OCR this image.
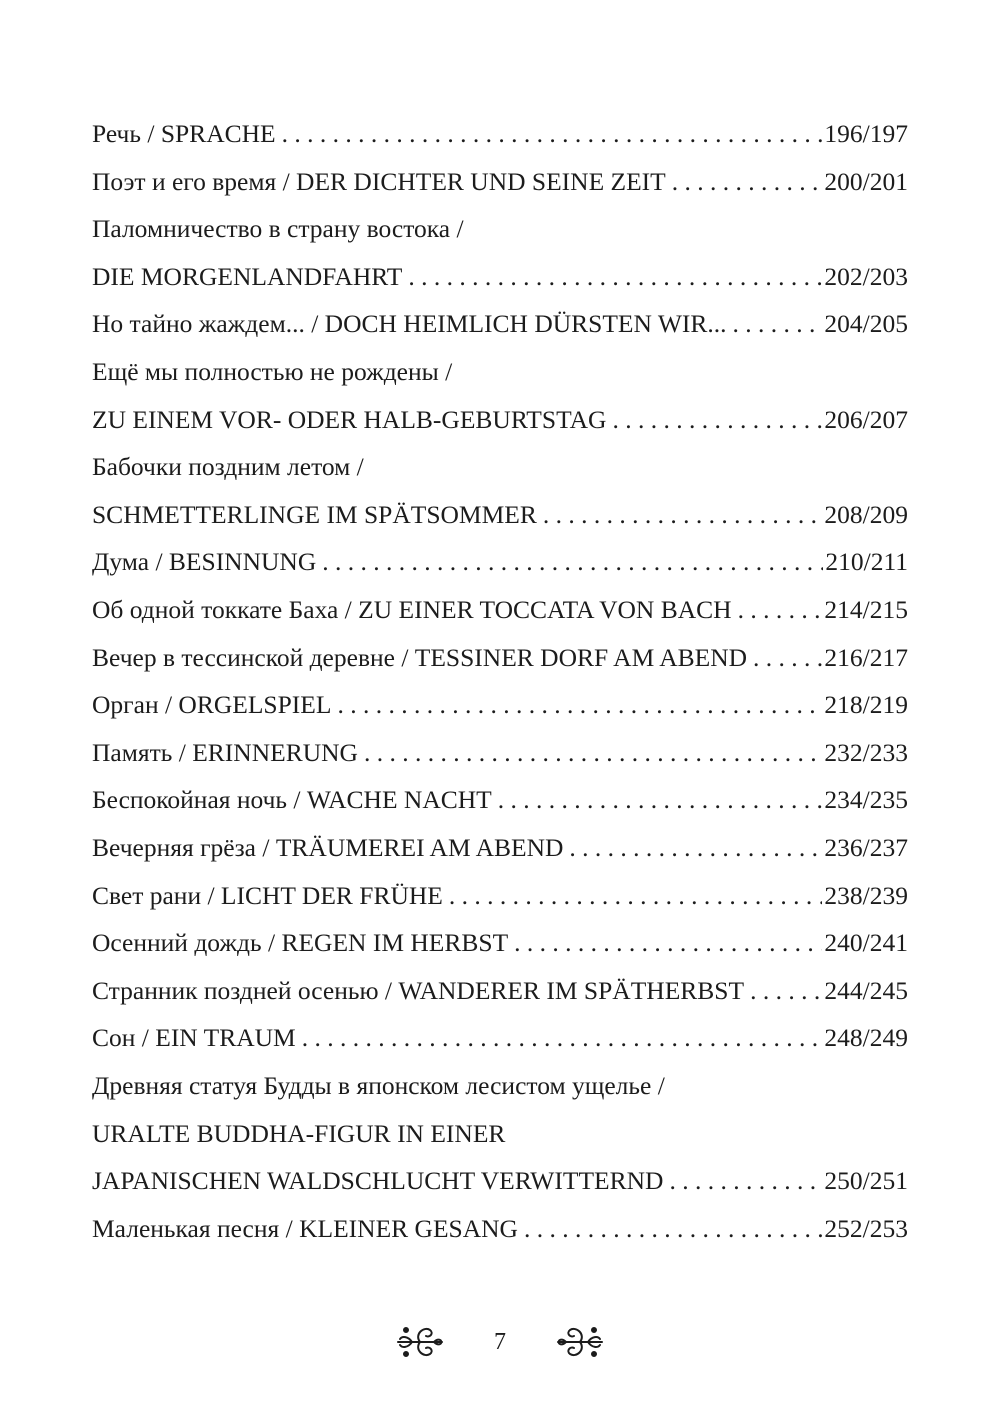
Речь / SPRACHE . . .	196/197
Поэт и его время / DER DICHTER UND SEINE ZEIT . . .	200/201
Паломничество в страну востока /
DIE MORGENLANDFAHRT . . .	202/203
Но тайно жаждем... / DOCH HEIMLICH DÜRSTEN WIR... . . .	204/205
Ещё мы полностью не рождены /
ZU EINEM VOR- ODER HALB-GEBURTSTAG . . .	206/207
Бабочки поздним летом /
SCHMETTERLINGE IM SPÄTSOMMER . . .	208/209
Дума / BESINNUNG . . .	210/211
Об одной токкате Баха / ZU EINER TOCCATA VON BACH . . .	214/215
Вечер в тессинской деревне / TESSINER DORF AM ABEND . . .	216/217
Орган / ORGELSPIEL . . .	218/219
Память / ERINNERUNG . . .	232/233
Беспокойная ночь / WACHE NACHT . . .	234/235
Вечерняя грёза / TRÄUMEREI AM ABEND . . .	236/237
Свет рани / LICHT DER FRÜHE . . .	238/239
Осенний дождь / REGEN IM HERBST . . .	240/241
Странник поздней осенью / WANDERER IM SPÄTHERBST . . .	244/245
Сон / EIN TRAUM . . .	248/249
Древняя статуя Будды в японском лесистом ущелье /
URALTE BUDDHA-FIGUR IN EINER
JAPANISCHEN WALDSCHLUCHT VERWITTERND . . .	250/251
Маленькая песня / KLEINER GESANG . . .	252/253
7
